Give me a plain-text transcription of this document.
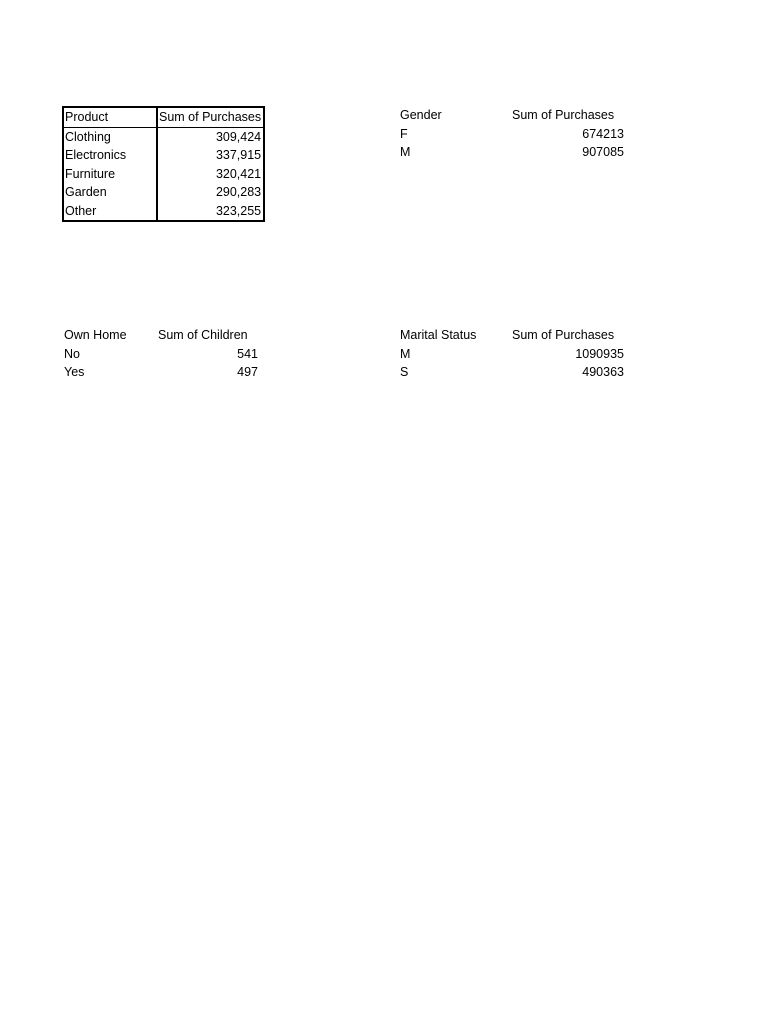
Product	Sum of Purchases
Clothing	309,424
Electronics	337,915
Furniture	320,421
Garden	290,283
Other	323,255
Gender	Sum of Purchases
F	674213
M	907085
Own Home	Sum of Children
No	541
Yes	497
Marital Status	Sum of Purchases
M	1090935
S	490363
